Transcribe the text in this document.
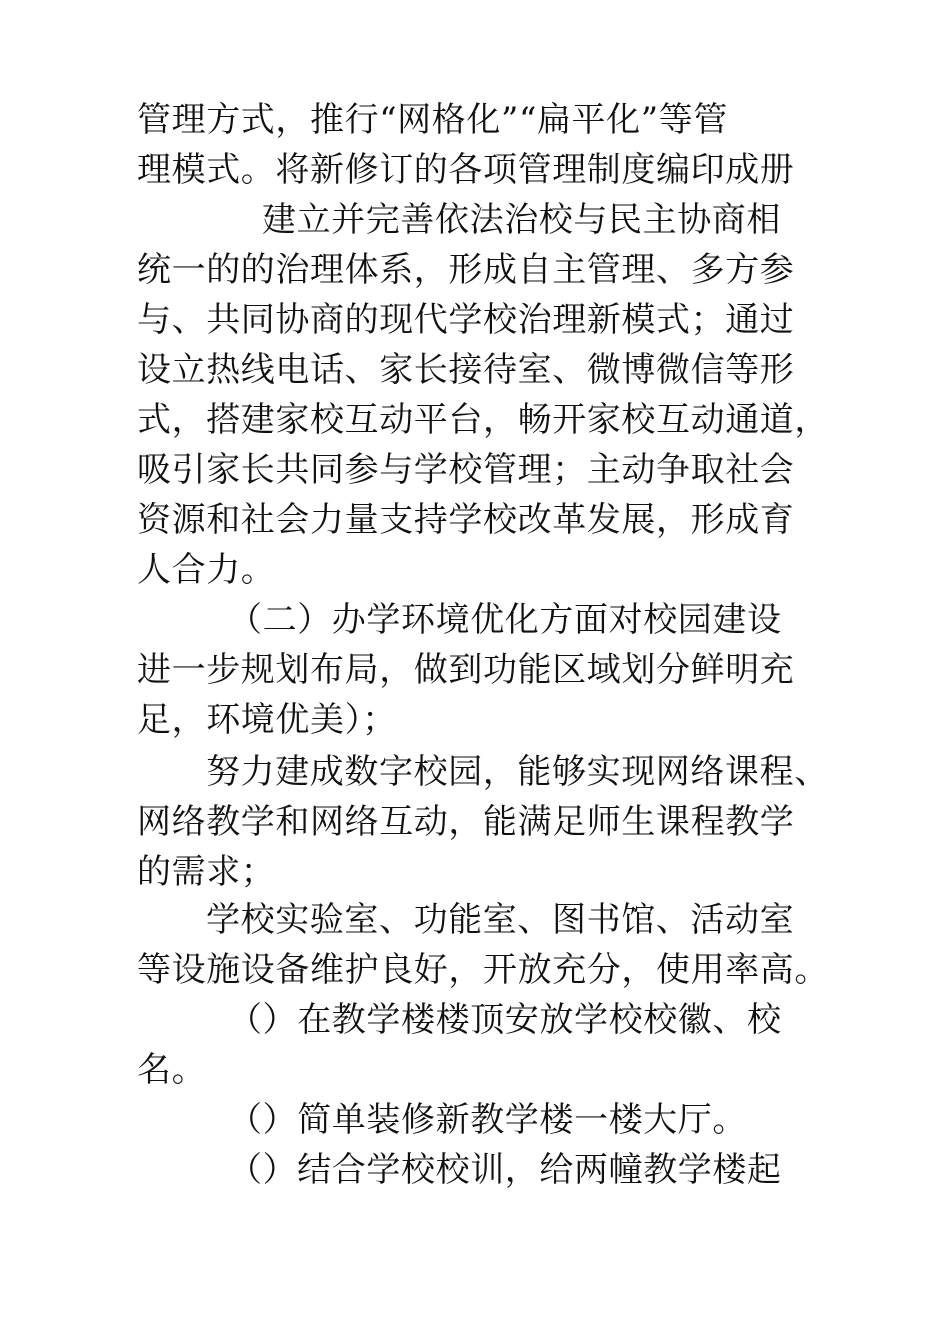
管理方式，推行“网格化”“扁平化”等管
理模式。将新修订的各项管理制度编印成册
建立并完善依法治校与民主协商相
统一的的治理体系，形成自主管理、多方参
与、共同协商的现代学校治理新模式；通过
设立热线电话、家长接待室、微博微信等形
式，搭建家校互动平台，畅开家校互动通道，
吸引家长共同参与学校管理；主动争取社会
资源和社会力量支持学校改革发展，形成育
人合力。
（二）办学环境优化方面对校园建设
进一步规划布局，做到功能区域划分鲜明充
足，环境优美）；
努力建成数字校园，能够实现网络课程、
网络教学和网络互动，能满足师生课程教学
的需求；
学校实验室、功能室、图书馆、活动室
等设施设备维护良好，开放充分，使用率高。
（）在教学楼楼顶安放学校校徽、校
名。
（）简单装修新教学楼一楼大厅。
（）结合学校校训，给两幢教学楼起
